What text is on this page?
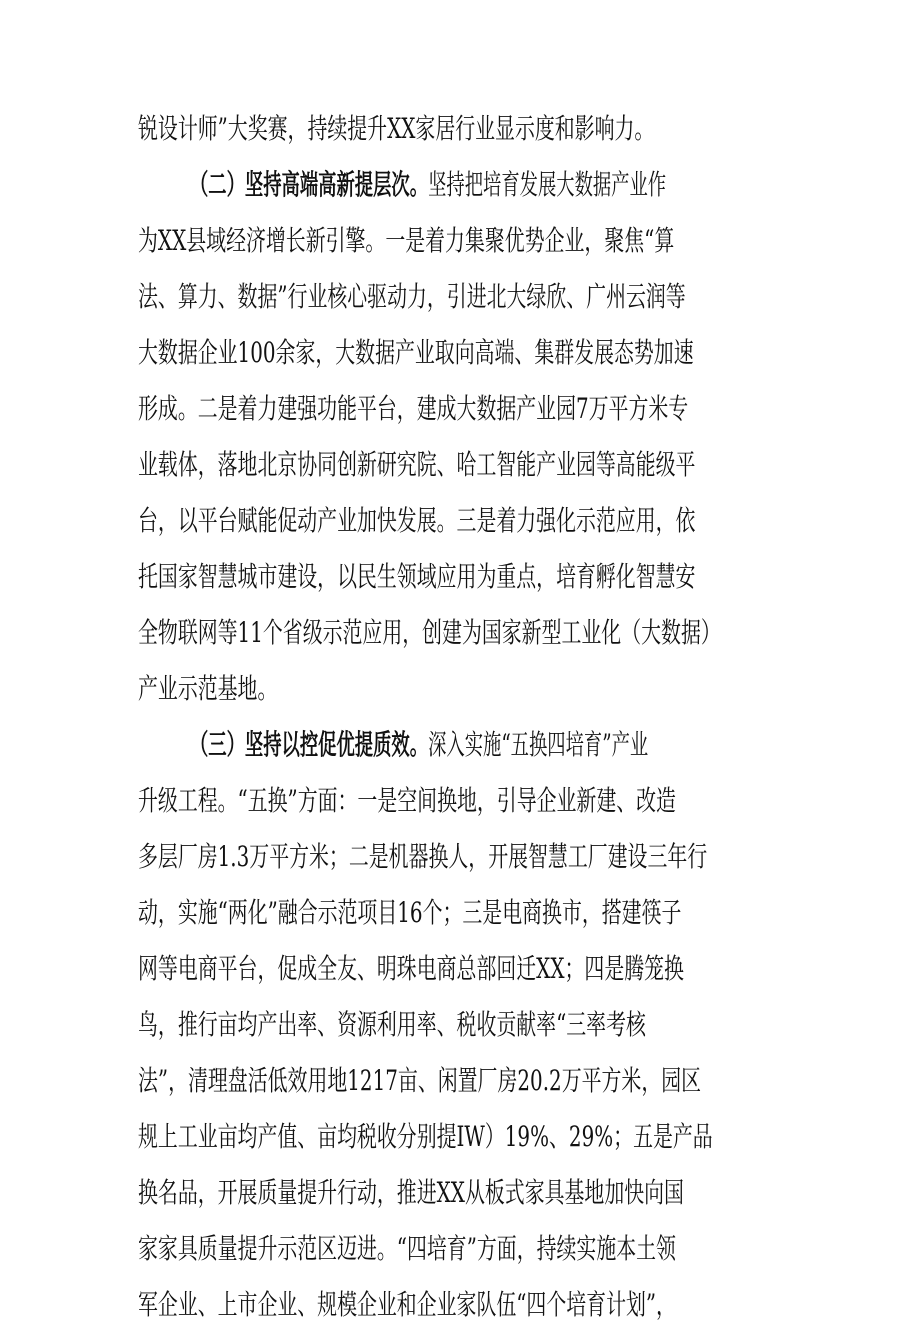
锐设计师”大奖赛，持续提升XX家居行业显示度和影响力。
（二）坚持高端高新提层次。坚持把培育发展大数据产业作
为XX县域经济增长新引擎。一是着力集聚优势企业，聚焦“算
法、算力、数据”行业核心驱动力，引进北大绿欣、广州云润等
大数据企业100余家，大数据产业取向高端、集群发展态势加速
形成。二是着力建强功能平台，建成大数据产业园7万平方米专
业载体，落地北京协同创新研究院、哈工智能产业园等高能级平
台，以平台赋能促动产业加快发展。三是着力强化示范应用，依
托国家智慧城市建设，以民生领域应用为重点，培育孵化智慧安
全物联网等11个省级示范应用，创建为国家新型工业化（大数据）
产业示范基地。
（三）坚持以控促优提质效。深入实施“五换四培育”产业
升级工程。“五换”方面：一是空间换地，引导企业新建、改造
多层厂房1.3万平方米；二是机器换人，开展智慧工厂建设三年行
动，实施“两化”融合示范项目16个；三是电商换市，搭建筷子
网等电商平台，促成全友、明珠电商总部回迁XX；四是腾笼换
鸟，推行亩均产出率、资源利用率、税收贡献率“三率考核
法”，清理盘活低效用地1217亩、闲置厂房20.2万平方米，园区
规上工业亩均产值、亩均税收分别提IW）19%、29%；五是产品
换名品，开展质量提升行动，推进XX从板式家具基地加快向国
家家具质量提升示范区迈进。“四培育”方面，持续实施本土领
军企业、上市企业、规模企业和企业家队伍“四个培育计划”，
